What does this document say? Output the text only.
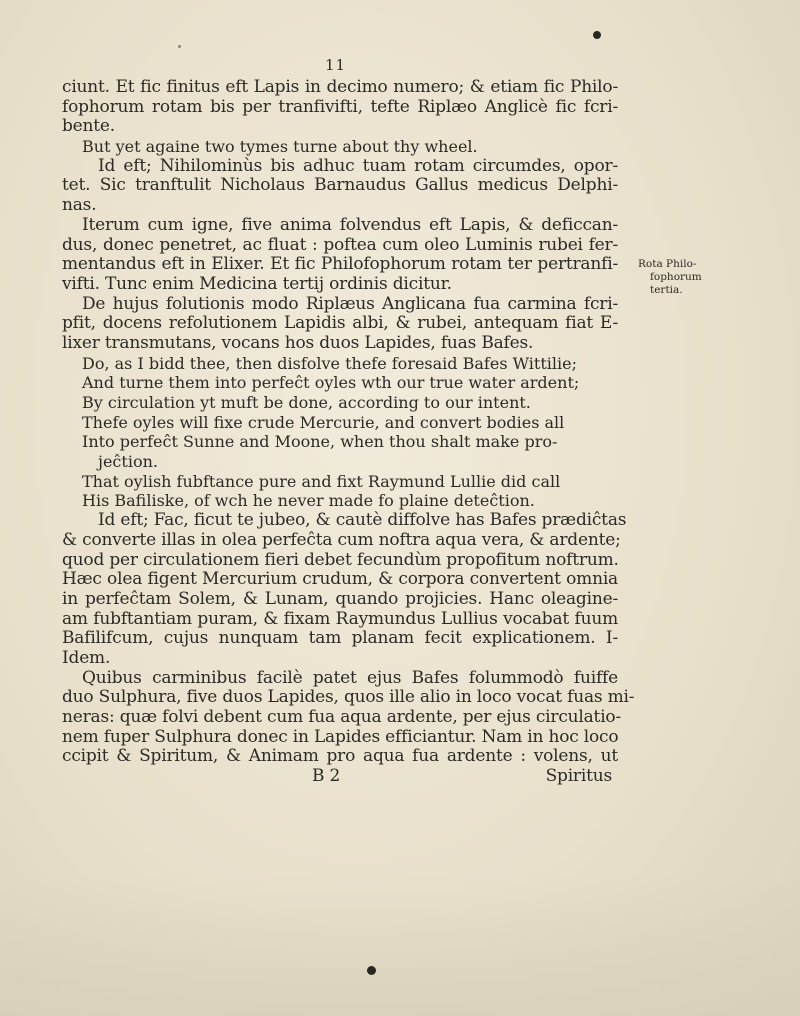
11
ciunt. Et fic finitus eft Lapis in decimo numero; & etiam fic Philo-
fophorum rotam bis per tranfivifti, tefte Riplæo Anglicè fic fcri-
bente.
But yet againe two tymes turne about thy wheel.
Id eft; Nihilominùs bis adhuc tuam rotam circumdes, opor-
tet. Sic tranftulit Nicholaus Barnaudus Gallus medicus Delphi-
nas.
Iterum cum igne, five anima folvendus eft Lapis, & deficcan-
dus, donec penetret, ac fluat : poftea cum oleo Luminis rubei fer-
mentandus eft in Elixer. Et fic Philofophorum rotam ter pertranfi-
vifti. Tunc enim Medicina tertij ordinis dicitur.
De hujus folutionis modo Riplæus Anglicana fua carmina fcri-
pfit, docens refolutionem Lapidis albi, & rubei, antequam fiat E-
lixer transmutans, vocans hos duos Lapides, fuas Bafes.
Do, as I bidd thee, then disfolve thefe foresaid Bafes Wittilie;
And turne them into perfeĉt oyles wth our true water ardent;
By circulation yt muft be done, according to our intent.
Thefe oyles will fixe crude Mercurie, and convert bodies all
Into perfeĉt Sunne and Moone, when thou shalt make pro-
jeĉtion.
That oylish fubftance pure and fixt Raymund Lullie did call
His Bafiliske, of wch he never made fo plaine deteĉtion.
Id eft; Fac, ficut te jubeo, & cautè diffolve has Bafes prædiĉtas
& converte illas in olea perfeĉta cum noftra aqua vera, & ardente;
quod per circulationem fieri debet fecundùm propofitum noftrum.
Hæc olea figent Mercurium crudum, & corpora convertent omnia
in perfeĉtam Solem, & Lunam, quando projicies. Hanc oleagine-
am fubftantiam puram, & fixam Raymundus Lullius vocabat fuum
Bafilifcum, cujus nunquam tam planam fecit explicationem. I-
Idem.
Quibus carminibus facilè patet ejus Bafes folummodò fuiffe
duo Sulphura, five duos Lapides, quos ille alio in loco vocat fuas mi-
neras: quæ folvi debent cum fua aqua ardente, per ejus circulatio-
nem fuper Sulphura donec in Lapides efficiantur. Nam in hoc loco
ccipit & Spiritum, & Animam pro aqua fua ardente : volens, ut
B 2	Spiritus
Rota Philo-
fophorum
tertia.
